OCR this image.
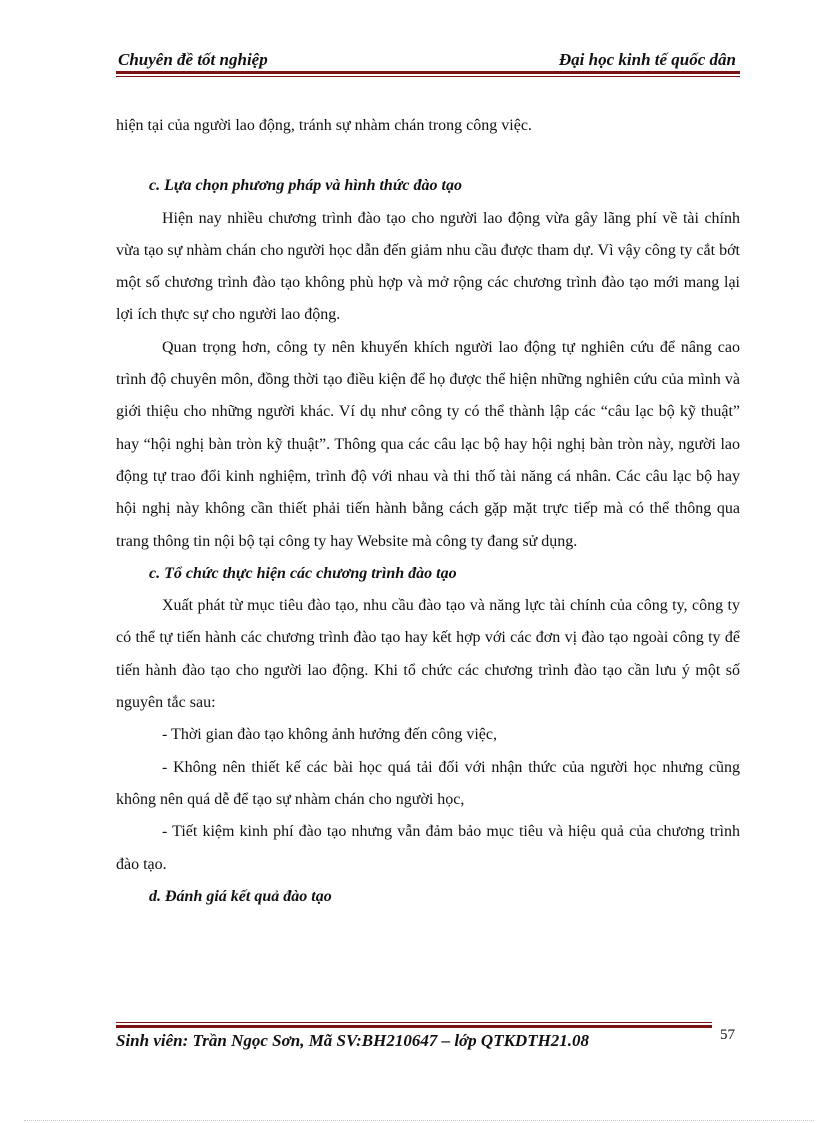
Chuyên đề tốt nghiệp	Đại học kinh tế quốc dân

hiện tại của người lao động, tránh sự nhàm chán trong công việc.

c. Lựa chọn phương pháp và hình thức đào tạo

Hiện nay nhiều chương trình đào tạo cho người lao động vừa gây lãng phí về tài chính vừa tạo sự nhàm chán cho người học dẫn đến giảm nhu cầu được tham dự. Vì vậy công ty cắt bớt một số chương trình đào tạo không phù hợp và mở rộng các chương trình đào tạo mới mang lại lợi ích thực sự cho người lao động.

Quan trọng hơn, công ty nên khuyến khích người lao động tự nghiên cứu để nâng cao trình độ chuyên môn, đồng thời tạo điều kiện để họ được thể hiện những nghiên cứu của mình và giới thiệu cho những người khác. Ví dụ như công ty có thể thành lập các “câu lạc bộ kỹ thuật” hay “hội nghị bàn tròn kỹ thuật”. Thông qua các câu lạc bộ hay hội nghị bàn tròn này, người lao động tự trao đổi kinh nghiệm, trình độ với nhau và thi thố tài năng cá nhân. Các câu lạc bộ hay hội nghị này không cần thiết phải tiến hành bằng cách gặp mặt trực tiếp mà có thể thông qua trang thông tin nội bộ tại công ty hay Website mà công ty đang sử dụng.

c. Tổ chức thực hiện các chương trình đào tạo

Xuất phát từ mục tiêu đào tạo, nhu cầu đào tạo và năng lực tài chính của công ty, công ty có thể tự tiến hành các chương trình đào tạo hay kết hợp với các đơn vị đào tạo ngoài công ty để tiến hành đào tạo cho người lao động. Khi tổ chức các chương trình đào tạo cần lưu ý một số nguyên tắc sau:

- Thời gian đào tạo không ảnh hưởng đến công việc,

- Không nên thiết kế các bài học quá tải đối với nhận thức của người học nhưng cũng không nên quá dễ để tạo sự nhàm chán cho người học,

- Tiết kiệm kinh phí đào tạo nhưng vẫn đảm bảo mục tiêu và hiệu quả của chương trình đào tạo.

d. Đánh giá kết quả đào tạo

57
Sinh viên: Trần Ngọc Sơn, Mã SV:BH210647 – lớp QTKDTH21.08
